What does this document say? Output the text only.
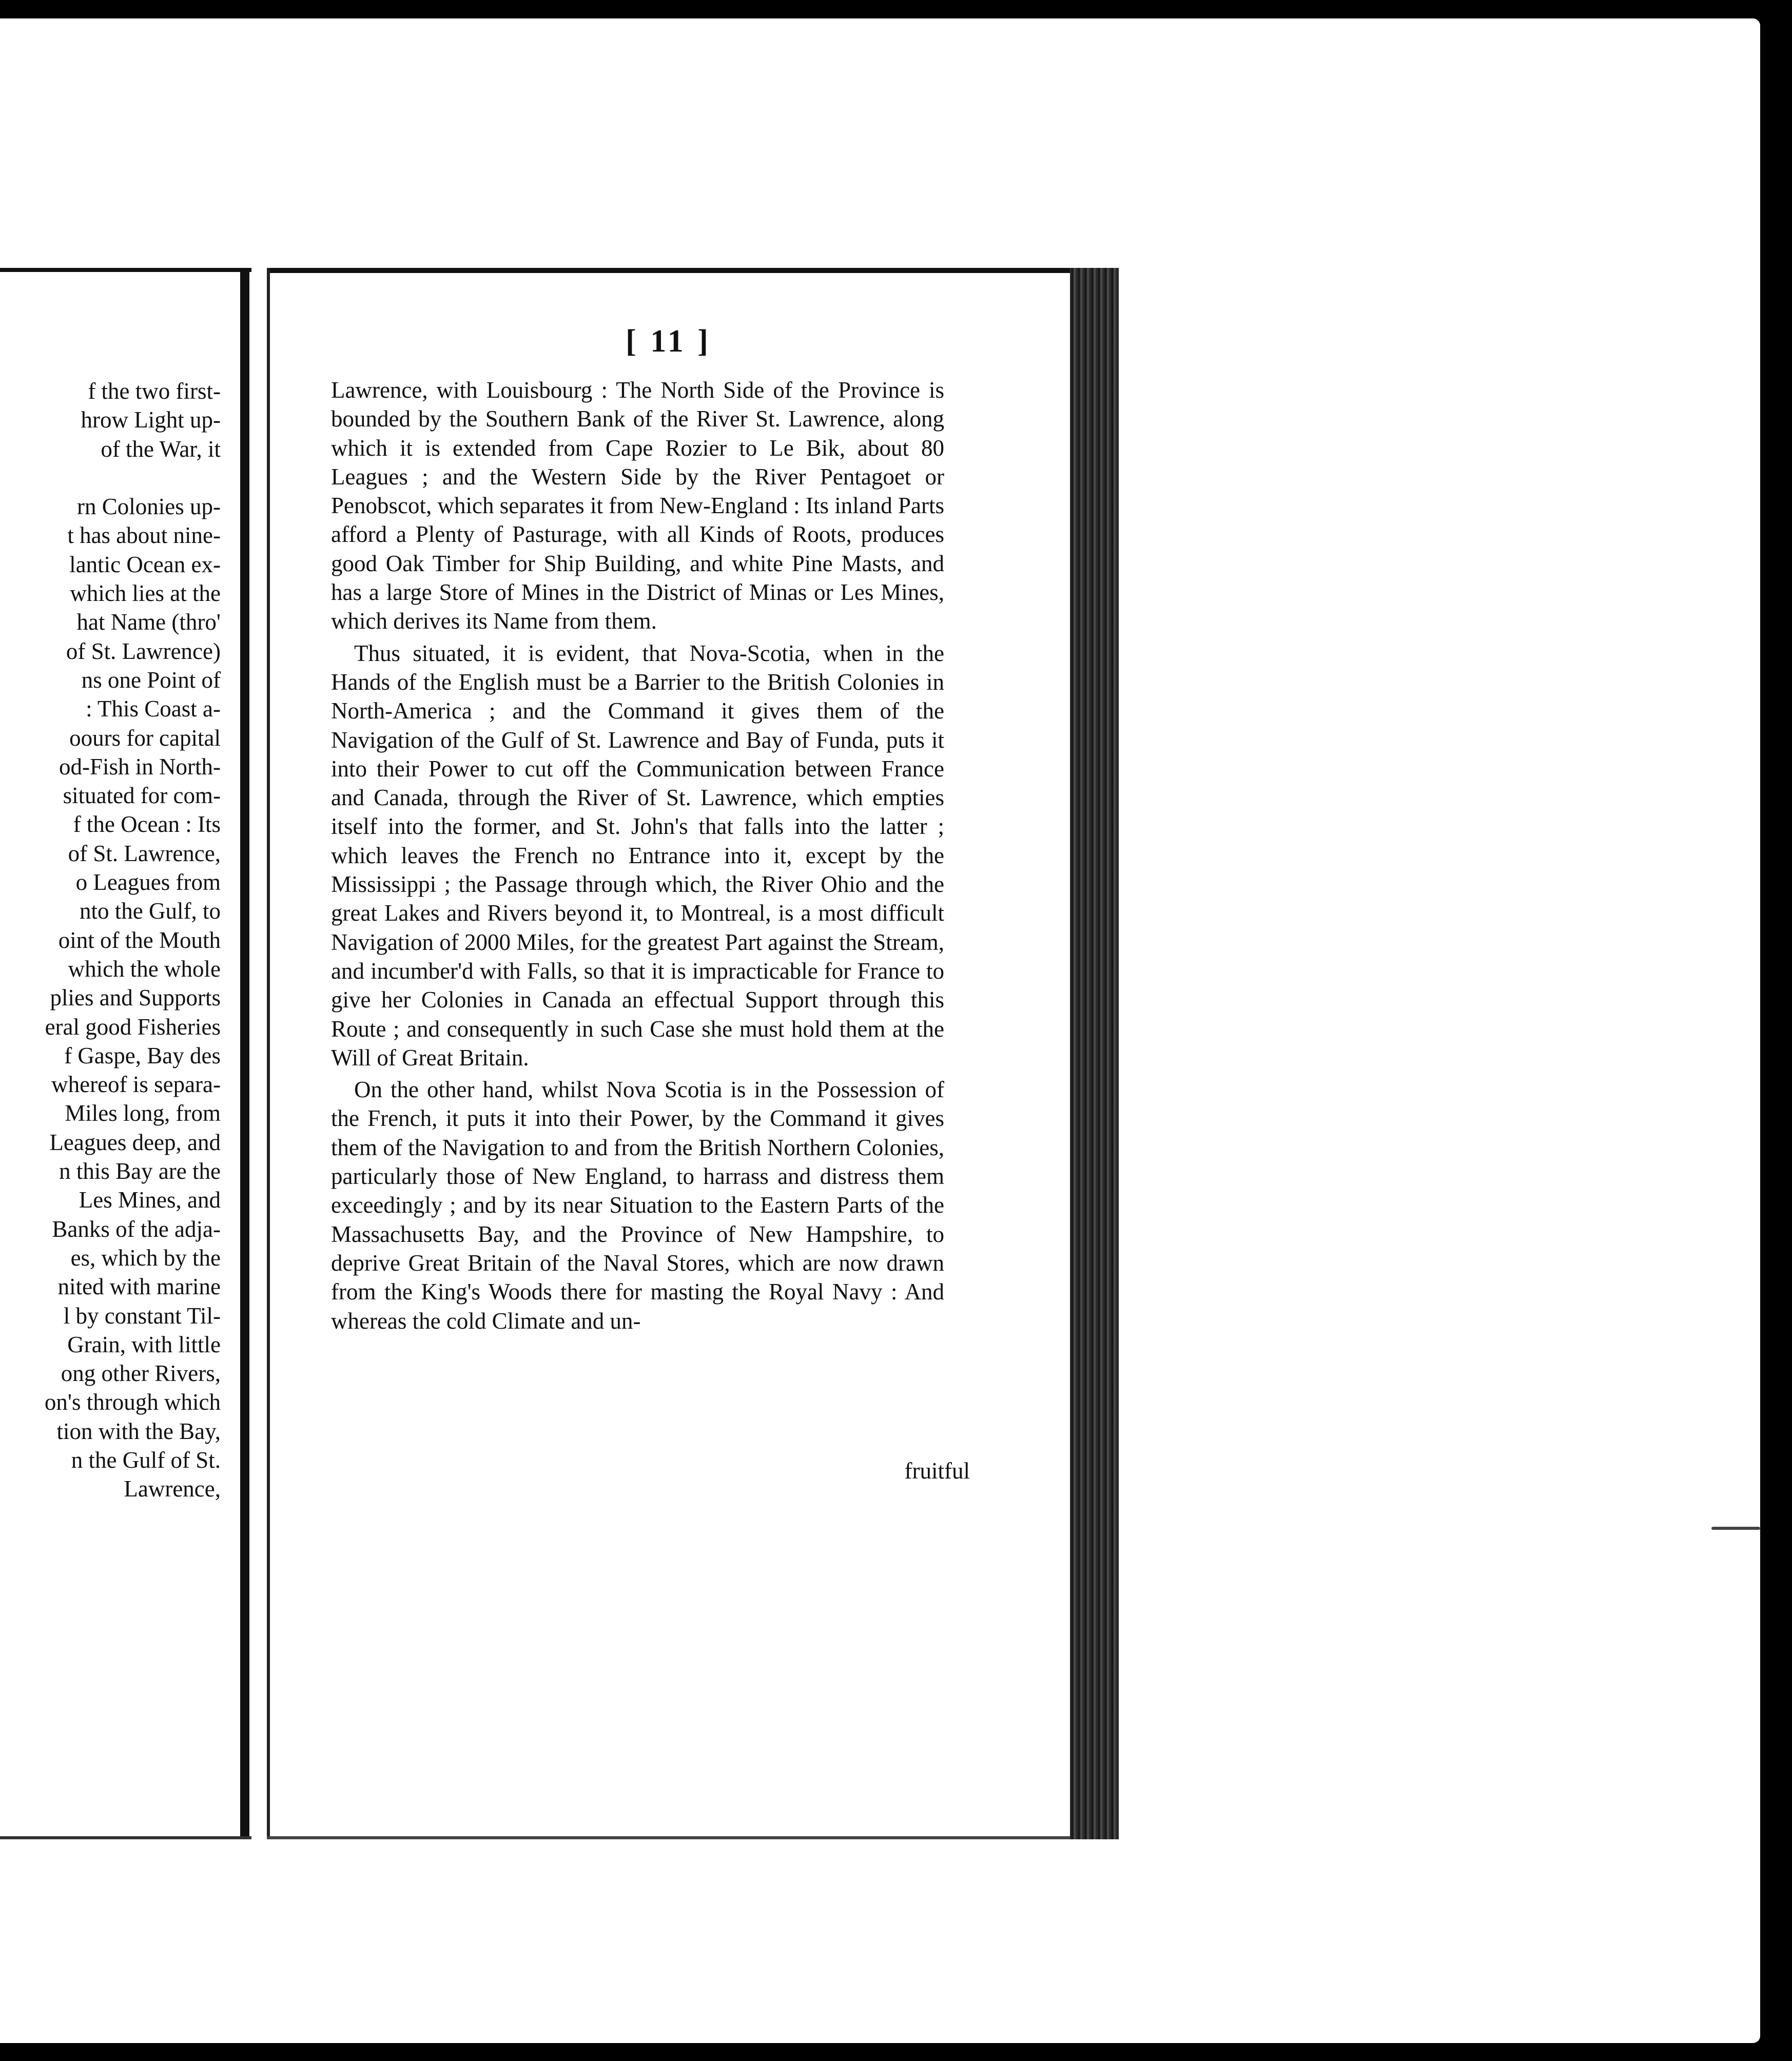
f the two first-
hrow Light up-
of the War, it

rn Colonies up-
t has about nine-
lantic Ocean ex-
which lies at the
hat Name (thro'
of St. Lawrence)
ns one Point of
: This Coast a-
oours for capital
od-Fish in North-
situated for com-
f the Ocean : Its
of St. Lawrence,
o Leagues from
nto the Gulf, to
oint of the Mouth
which the whole
plies and Supports
eral good Fisheries
f Gaspe, Bay des
whereof is separa-
Miles long, from
Leagues deep, and
n this Bay are the
Les Mines, and
Banks of the adja-
es, which by the
nited with marine
l by constant Til-
Grain, with little
ong other Rivers,
on's through which
tion with the Bay,
n the Gulf of St.
Lawrence,
[ 11 ]

Lawrence, with Louisbourg : The North Side of the Province is bounded by the Southern Bank of the River St. Lawrence, along which it is extended from Cape Rozier to Le Bik, about 80 Leagues ; and the Western Side by the River Pentagoet or Penobscot, which separates it from New-England : Its inland Parts afford a Plenty of Pasturage, with all Kinds of Roots, produces good Oak Timber for Ship Building, and white Pine Masts, and has a large Store of Mines in the District of Minas or Les Mines, which derives its Name from them.

Thus situated, it is evident, that Nova-Scotia, when in the Hands of the English must be a Barrier to the British Colonies in North-America ; and the Command it gives them of the Navigation of the Gulf of St. Lawrence and Bay of Funda, puts it into their Power to cut off the Communication between France and Canada, through the River of St. Lawrence, which empties itself into the former, and St. John's that falls into the latter ; which leaves the French no Entrance into it, except by the Mississippi ; the Passage through which, the River Ohio and the great Lakes and Rivers beyond it, to Montreal, is a most difficult Navigation of 2000 Miles, for the greatest Part against the Stream, and incumber'd with Falls, so that it is impracticable for France to give her Colonies in Canada an effectual Support through this Route ; and consequently in such Case she must hold them at the Will of Great Britain.

On the other hand, whilst Nova Scotia is in the Possession of the French, it puts it into their Power, by the Command it gives them of the Navigation to and from the British Northern Colonies, particularly those of New England, to harrass and distress them exceedingly ; and by its near Situation to the Eastern Parts of the Massachusetts Bay, and the Province of New Hampshire, to deprive Great Britain of the Naval Stores, which are now drawn from the King's Woods there for masting the Royal Navy : And whereas the cold Climate and un-

fruitful
